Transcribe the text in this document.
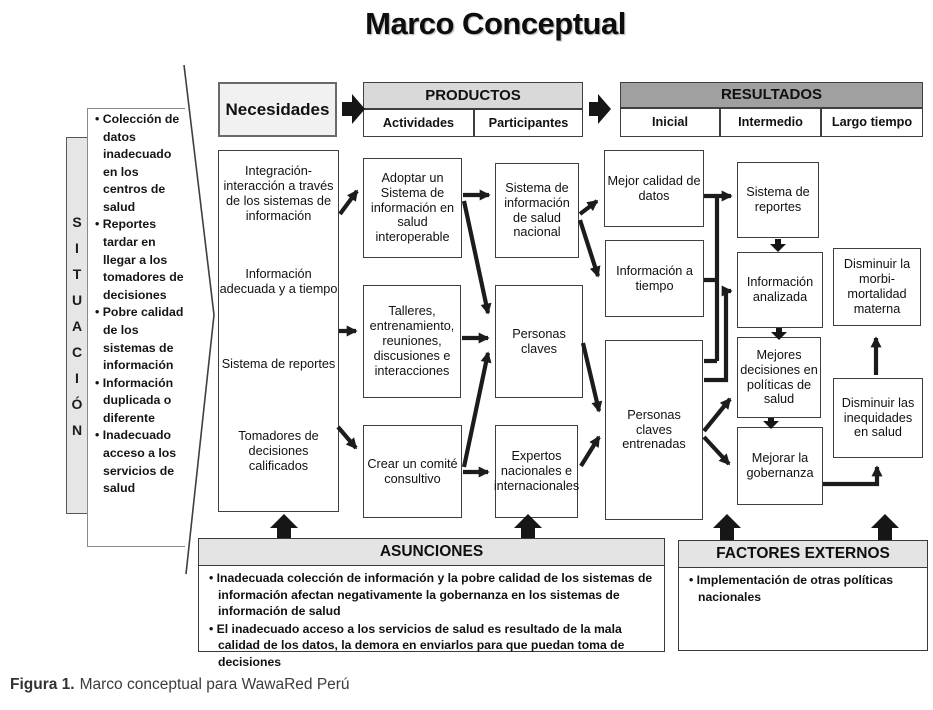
Marco Conceptual
S
I
T
U
A
C
I
Ó
N
• Colección de datos inadecuado en los centros de salud
• Reportes tardar en llegar a los tomadores de decisiones
• Pobre calidad de los sistemas de información
• Información duplicada o diferente
• Inadecuado acceso a los servicios de salud
Necesidades
PRODUCTOS
Actividades	Participantes
RESULTADOS
Inicial	Intermedio	Largo tiempo
Integración-interacción a través de los sistemas de información
Información adecuada y a tiempo
Sistema de reportes
Tomadores de decisiones calificados
Adoptar un Sistema de información en salud interoperable
Talleres, entrenamiento, reuniones, discusiones e interacciones
Crear un comité consultivo
Sistema de información de salud nacional
Personas claves
Expertos nacionales e internacionales
Mejor calidad de datos
Información a tiempo
Personas claves entrenadas
Sistema de reportes
Información analizada
Mejores decisiones en políticas de salud
Mejorar la gobernanza
Disminuir la morbi-mortalidad materna
Disminuir las inequidades en salud
ASUNCIONES
• Inadecuada colección de información y la pobre calidad de los sistemas de información afectan negativamente la gobernanza en los sistemas de información de salud
• El inadecuado acceso a los servicios de salud es resultado de la mala calidad de los datos, la demora en enviarlos para que puedan toma de decisiones
FACTORES EXTERNOS
• Implementación de otras políticas nacionales
Figura 1. Marco conceptual para WawaRed Perú
